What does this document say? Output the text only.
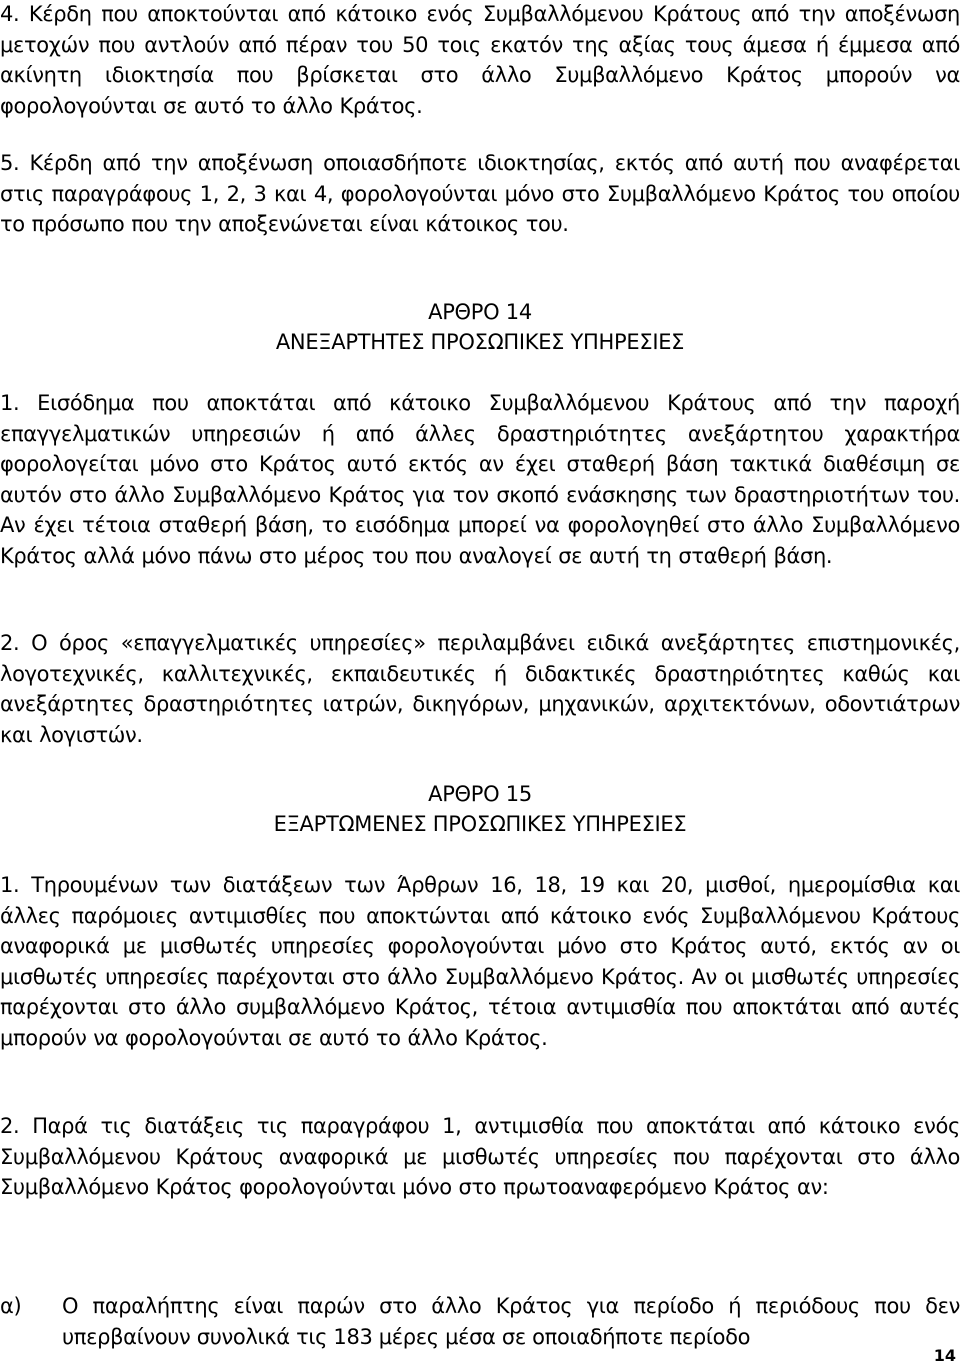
4. Κέρδη που αποκτούνται από κάτοικο ενός Συμβαλλόμενου Κράτους από την αποξένωση μετοχών που αντλούν από πέραν του 50 τοις εκατόν της αξίας τους άμεσα ή έμμεσα από ακίνητη ιδιοκτησία που βρίσκεται στο άλλο Συμβαλλόμενο Κράτος μπορούν να φορολογούνται σε αυτό το άλλο Κράτος.

5. Κέρδη από την αποξένωση οποιασδήποτε ιδιοκτησίας, εκτός από αυτή που αναφέρεται στις παραγράφους 1, 2, 3 και 4, φορολογούνται μόνο στο Συμβαλλόμενο Κράτος του οποίου το πρόσωπο που την αποξενώνεται είναι κάτοικος του.

ΑΡΘΡΟ 14
ΑΝΕΞΑΡΤΗΤΕΣ ΠΡΟΣΩΠΙΚΕΣ ΥΠΗΡΕΣΙΕΣ

1. Εισόδημα που αποκτάται από κάτοικο Συμβαλλόμενου Κράτους από την παροχή επαγγελματικών υπηρεσιών ή από άλλες δραστηριότητες ανεξάρτητου χαρακτήρα φορολογείται μόνο στο Κράτος αυτό εκτός αν έχει σταθερή βάση τακτικά διαθέσιμη σε αυτόν στο άλλο Συμβαλλόμενο Κράτος για τον σκοπό ενάσκησης των δραστηριοτήτων του. Αν έχει τέτοια σταθερή βάση, το εισόδημα μπορεί να φορολογηθεί στο άλλο Συμβαλλόμενο Κράτος αλλά μόνο πάνω στο μέρος του που αναλογεί σε αυτή τη σταθερή βάση.

2. Ο όρος «επαγγελματικές υπηρεσίες» περιλαμβάνει ειδικά ανεξάρτητες επιστημονικές, λογοτεχνικές, καλλιτεχνικές, εκπαιδευτικές ή διδακτικές δραστηριότητες καθώς και ανεξάρτητες δραστηριότητες ιατρών, δικηγόρων, μηχανικών, αρχιτεκτόνων, οδοντιάτρων και λογιστών.

ΑΡΘΡΟ 15
ΕΞΑΡΤΩΜΕΝΕΣ ΠΡΟΣΩΠΙΚΕΣ ΥΠΗΡΕΣΙΕΣ

1. Τηρουμένων των διατάξεων των Άρθρων 16, 18, 19 και 20, μισθοί, ημερομίσθια και άλλες παρόμοιες αντιμισθίες που αποκτώνται από κάτοικο ενός Συμβαλλόμενου Κράτους αναφορικά με μισθωτές υπηρεσίες φορολογούνται μόνο στο Κράτος αυτό, εκτός αν οι μισθωτές υπηρεσίες παρέχονται στο άλλο Συμβαλλόμενο Κράτος. Αν οι μισθωτές υπηρεσίες παρέχονται στο άλλο συμβαλλόμενο Κράτος, τέτοια αντιμισθία που αποκτάται από αυτές μπορούν να φορολογούνται σε αυτό το άλλο Κράτος.

2. Παρά τις διατάξεις τις παραγράφου 1, αντιμισθία που αποκτάται από κάτοικο ενός Συμβαλλόμενου Κράτους αναφορικά με μισθωτές υπηρεσίες που παρέχονται στο άλλο Συμβαλλόμενο Κράτος φορολογούνται μόνο στο πρωτοαναφερόμενο Κράτος αν:

α) Ο παραλήπτης είναι παρών στο άλλο Κράτος για περίοδο ή περιόδους που δεν υπερβαίνουν συνολικά τις 183 μέρες μέσα σε οποιαδήποτε περίοδο
14
